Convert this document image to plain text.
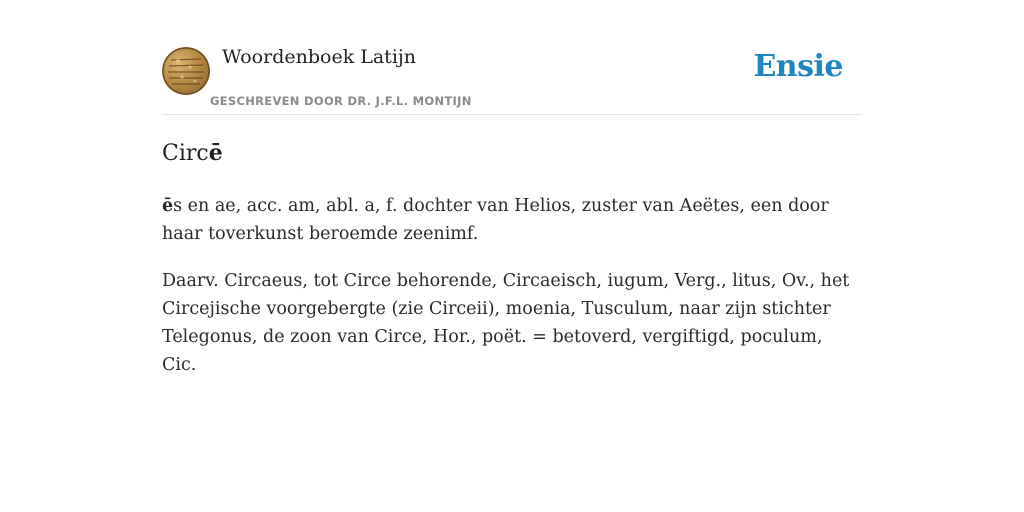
Woordenboek Latijn
GESCHREVEN DOOR DR. J.F.L. MONTIJN
Ensie
Circē

ēs en ae, acc. am, abl. a, f. dochter van Helios, zuster van Aeëtes, een door haar toverkunst beroemde zeenimf.

Daarv. Circaeus, tot Circe behorende, Circaeisch, iugum, Verg., litus, Ov., het Circejische voorgebergte (zie Circeii), moenia, Tusculum, naar zijn stichter Telegonus, de zoon van Circe, Hor., poët. = betoverd, vergiftigd, poculum, Cic.
